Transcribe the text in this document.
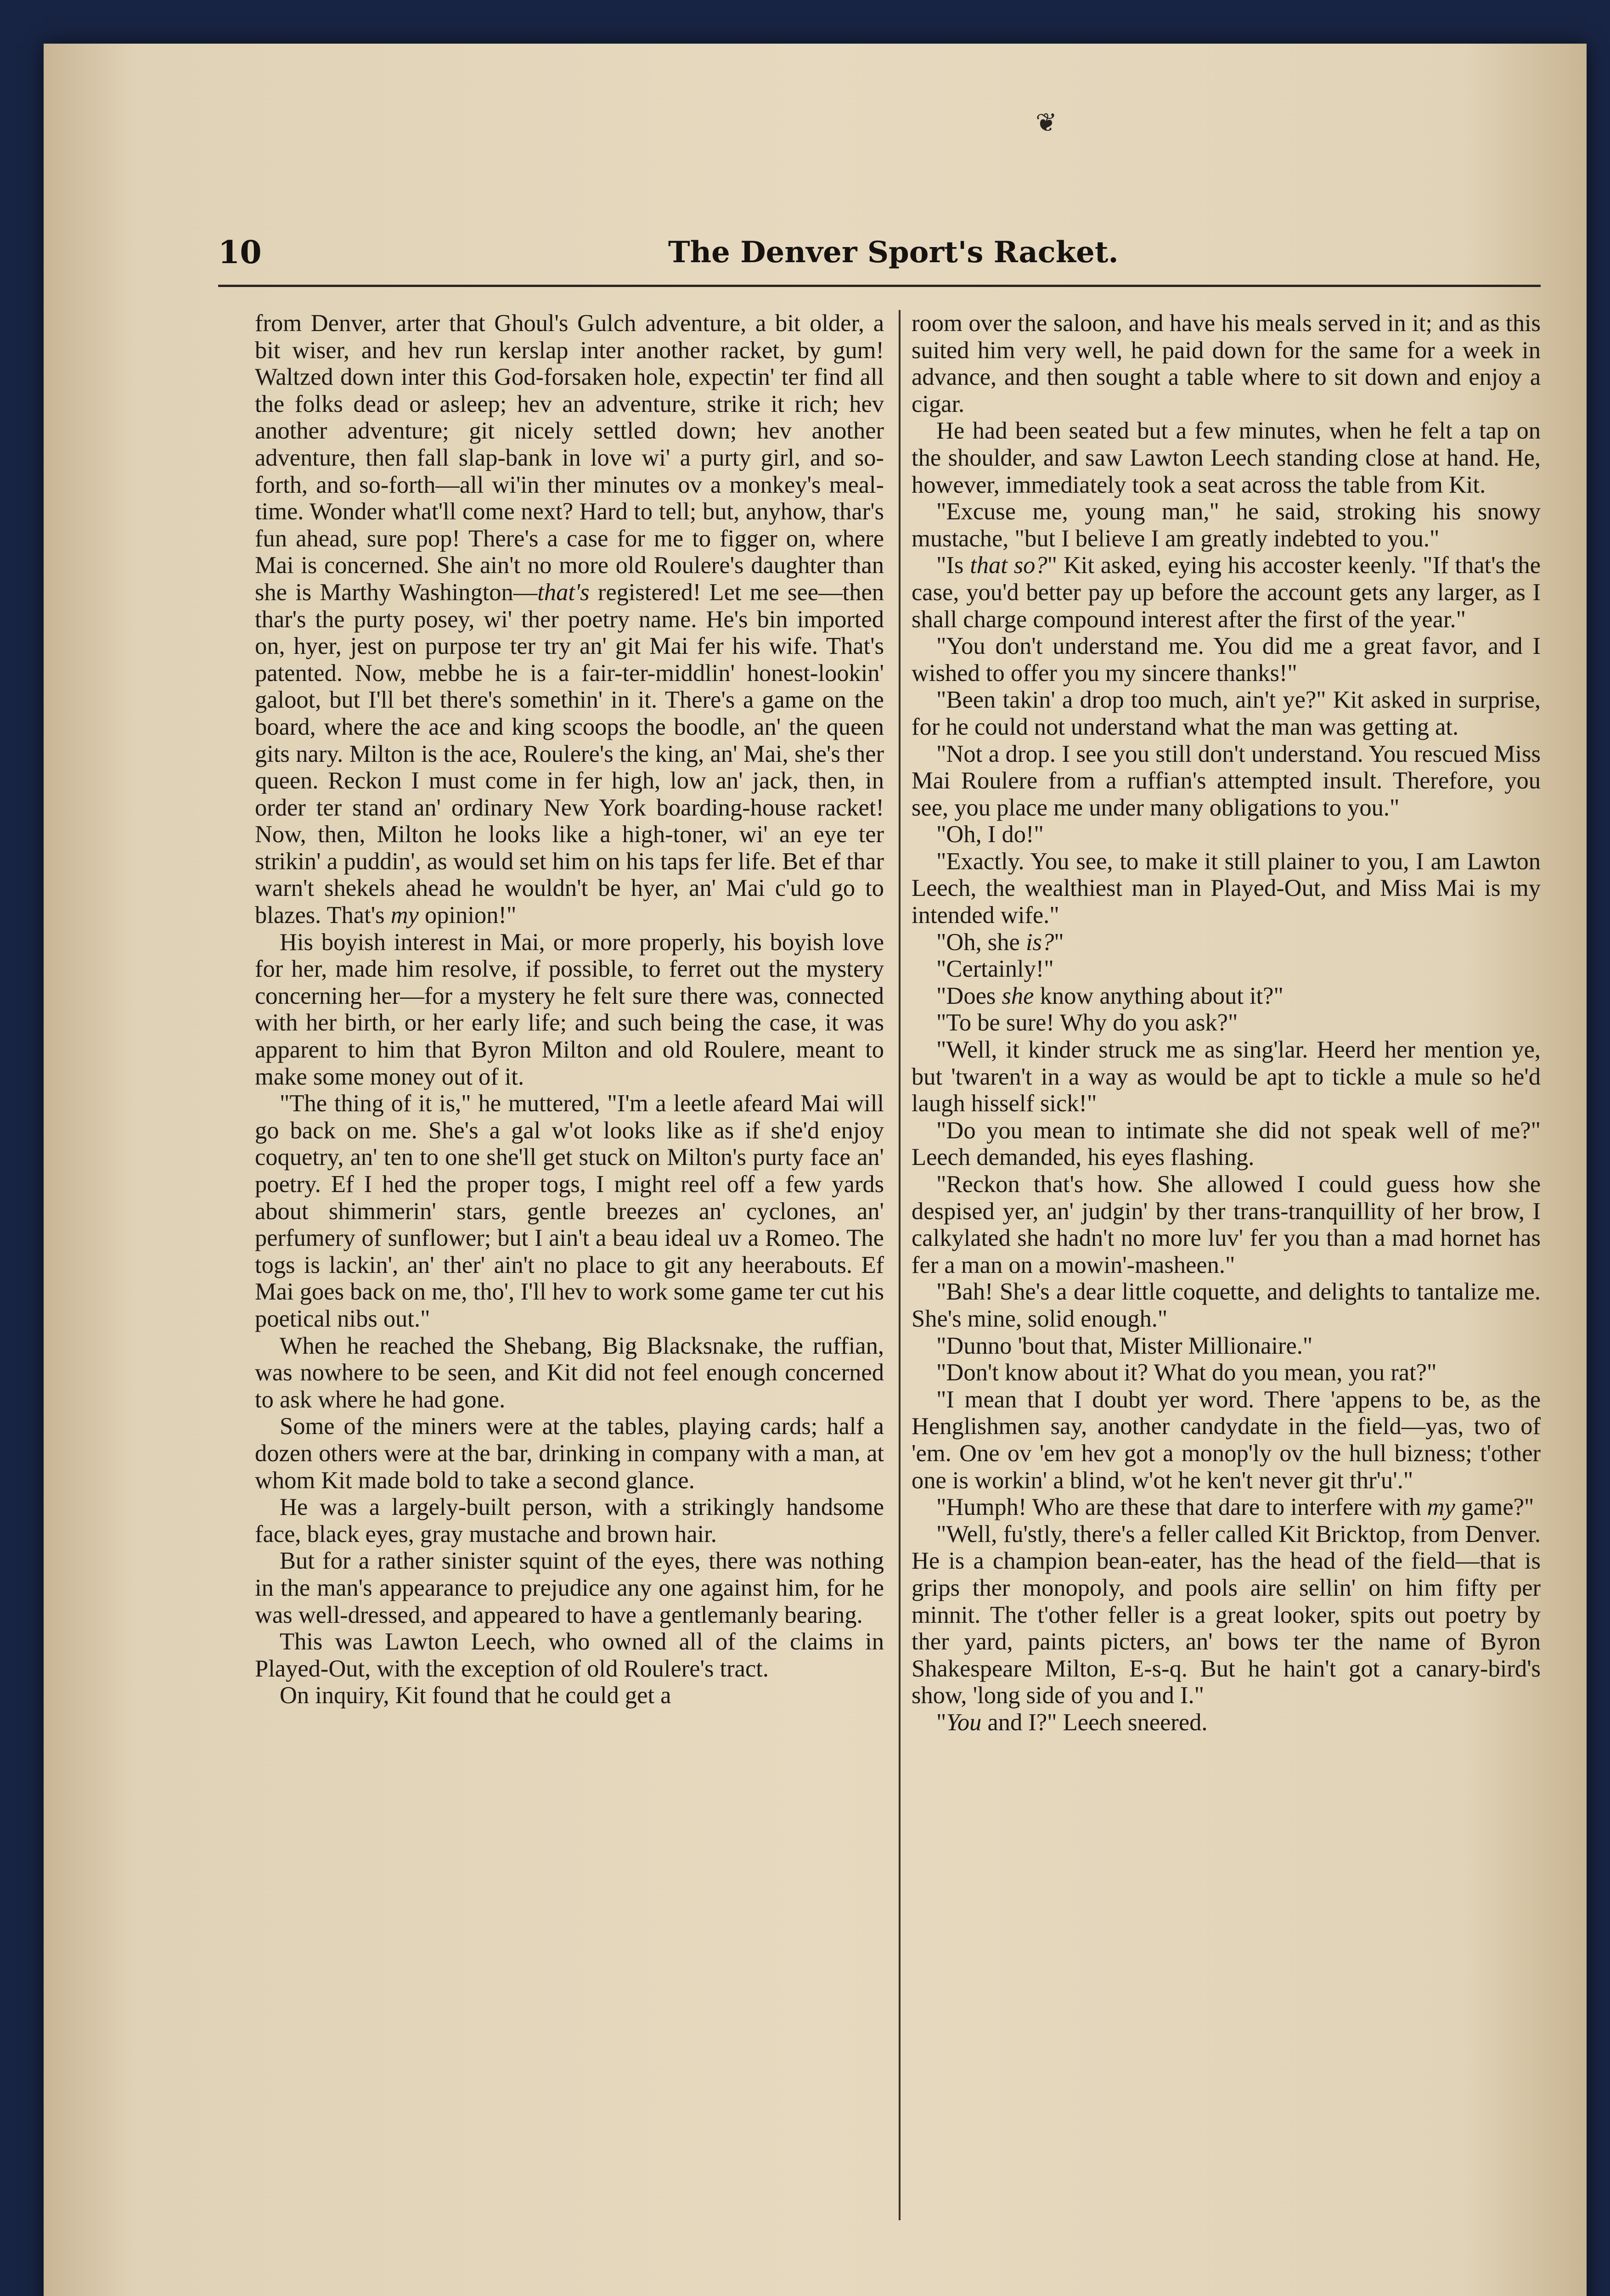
❦
10	The Denver Sport's Racket.

from Denver, arter that Ghoul's Gulch adventure, a bit older, a bit wiser, and hev run kerslap inter another racket, by gum! Waltzed down inter this God-forsaken hole, expectin' ter find all the folks dead or asleep; hev an adventure, strike it rich; hev another adventure; git nicely settled down; hev another adventure, then fall slap-bank in love wi' a purty girl, and so-forth, and so-forth—all wi'in ther minutes ov a monkey's meal-time. Wonder what'll come next? Hard to tell; but, anyhow, thar's fun ahead, sure pop! There's a case for me to figger on, where Mai is concerned. She ain't no more old Roulere's daughter than she is Marthy Washington—that's registered! Let me see—then thar's the purty posey, wi' ther poetry name. He's bin imported on, hyer, jest on purpose ter try an' git Mai fer his wife. That's patented. Now, mebbe he is a fair-ter-middlin' honest-lookin' galoot, but I'll bet there's somethin' in it. There's a game on the board, where the ace and king scoops the boodle, an' the queen gits nary. Milton is the ace, Roulere's the king, an' Mai, she's ther queen. Reckon I must come in fer high, low an' jack, then, in order ter stand an' ordinary New York boarding-house racket! Now, then, Milton he looks like a high-toner, wi' an eye ter strikin' a puddin', as would set him on his taps fer life. Bet ef thar warn't shekels ahead he wouldn't be hyer, an' Mai c'uld go to blazes. That's my opinion!"

His boyish interest in Mai, or more properly, his boyish love for her, made him resolve, if possible, to ferret out the mystery concerning her—for a mystery he felt sure there was, connected with her birth, or her early life; and such being the case, it was apparent to him that Byron Milton and old Roulere, meant to make some money out of it.

"The thing of it is," he muttered, "I'm a leetle afeard Mai will go back on me. She's a gal w'ot looks like as if she'd enjoy coquetry, an' ten to one she'll get stuck on Milton's purty face an' poetry. Ef I hed the proper togs, I might reel off a few yards about shimmerin' stars, gentle breezes an' cyclones, an' perfumery of sunflower; but I ain't a beau ideal uv a Romeo. The togs is lackin', an' ther' ain't no place to git any heerabouts. Ef Mai goes back on me, tho', I'll hev to work some game ter cut his poetical nibs out."

When he reached the Shebang, Big Blacksnake, the ruffian, was nowhere to be seen, and Kit did not feel enough concerned to ask where he had gone.

Some of the miners were at the tables, playing cards; half a dozen others were at the bar, drinking in company with a man, at whom Kit made bold to take a second glance.

He was a largely-built person, with a strikingly handsome face, black eyes, gray mustache and brown hair.

But for a rather sinister squint of the eyes, there was nothing in the man's appearance to prejudice any one against him, for he was well-dressed, and appeared to have a gentlemanly bearing.

This was Lawton Leech, who owned all of the claims in Played-Out, with the exception of old Roulere's tract.

On inquiry, Kit found that he could get a

room over the saloon, and have his meals served in it; and as this suited him very well, he paid down for the same for a week in advance, and then sought a table where to sit down and enjoy a cigar.

He had been seated but a few minutes, when he felt a tap on the shoulder, and saw Lawton Leech standing close at hand. He, however, immediately took a seat across the table from Kit.

"Excuse me, young man," he said, stroking his snowy mustache, "but I believe I am greatly indebted to you."

"Is that so?" Kit asked, eying his accoster keenly. "If that's the case, you'd better pay up before the account gets any larger, as I shall charge compound interest after the first of the year."

"You don't understand me. You did me a great favor, and I wished to offer you my sincere thanks!"

"Been takin' a drop too much, ain't ye?" Kit asked in surprise, for he could not understand what the man was getting at.

"Not a drop. I see you still don't understand. You rescued Miss Mai Roulere from a ruffian's attempted insult. Therefore, you see, you place me under many obligations to you."

"Oh, I do!"

"Exactly. You see, to make it still plainer to you, I am Lawton Leech, the wealthiest man in Played-Out, and Miss Mai is my intended wife."

"Oh, she is?"

"Certainly!"

"Does she know anything about it?"

"To be sure! Why do you ask?"

"Well, it kinder struck me as sing'lar. Heerd her mention ye, but 'twaren't in a way as would be apt to tickle a mule so he'd laugh hisself sick!"

"Do you mean to intimate she did not speak well of me?" Leech demanded, his eyes flashing.

"Reckon that's how. She allowed I could guess how she despised yer, an' judgin' by ther trans-tranquillity of her brow, I calkylated she hadn't no more luv' fer you than a mad hornet has fer a man on a mowin'-masheen."

"Bah! She's a dear little coquette, and delights to tantalize me. She's mine, solid enough."

"Dunno 'bout that, Mister Millionaire."

"Don't know about it? What do you mean, you rat?"

"I mean that I doubt yer word. There 'appens to be, as the Henglishmen say, another candydate in the field—yas, two of 'em. One ov 'em hev got a monop'ly ov the hull bizness; t'other one is workin' a blind, w'ot he ken't never git thr'u'."

"Humph! Who are these that dare to interfere with my game?"

"Well, fu'stly, there's a feller called Kit Bricktop, from Denver. He is a champion bean-eater, has the head of the field—that is grips ther monopoly, and pools aire sellin' on him fifty per minnit. The t'other feller is a great looker, spits out poetry by ther yard, paints picters, an' bows ter the name of Byron Shakespeare Milton, E-s-q. But he hain't got a canary-bird's show, 'long side of you and I."

"You and I?" Leech sneered.
